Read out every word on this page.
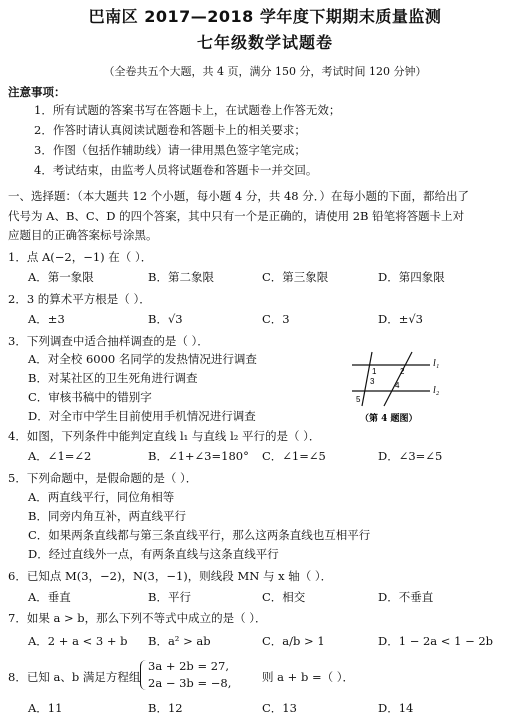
巴南区 2017—2018 学年度下期期末质量监测
七年级数学试题卷
（全卷共五个大题，共 4 页，满分 150 分，考试时间 120 分钟）
注意事项：
1．所有试题的答案书写在答题卡上，在试题卷上作答无效；
2．作答时请认真阅读试题卷和答题卡上的相关要求；
3．作图（包括作辅助线）请一律用黑色签字笔完成；
4．考试结束，由监考人员将试题卷和答题卡一并交回。
一、选择题：（本大题共 12 个小题，每小题 4 分，共 48 分．）在每小题的下面，都给出了
代号为 A、B、C、D 的四个答案，其中只有一个是正确的，请使用 2B 铅笔将答题卡上对
应题目的正确答案标号涂黑。
1．点 A(−2，−1) 在（ ）．
A．第一象限	B．第二象限	C．第三象限	D．第四象限
2．3 的算术平方根是（ ）．
A．±3	B．√3	C．3	D．±√3
3．下列调查中适合抽样调查的是（ ）．
A．对全校 6000 名同学的发热情况进行调查
B．对某社区的卫生死角进行调查
C．审核书稿中的错别字
D．对全市中学生目前使用手机情况进行调查
l₁
l₂
1	2
3	4
5
（第 4 题图）
4．如图，下列条件中能判定直线 l₁ 与直线 l₂ 平行的是（ ）．
A．∠1=∠2	B．∠1+∠3=180° C．∠1=∠5	D．∠3=∠5
5．下列命题中，是假命题的是（ ）．
A．两直线平行，同位角相等
B．同旁内角互补，两直线平行
C．如果两条直线都与第三条直线平行，那么这两条直线也互相平行
D．经过直线外一点，有两条直线与这条直线平行
6．已知点 M(3，−2)，N(3，−1)，则线段 MN 与 x 轴（ ）．
A．垂直	B．平行	C．相交	D．不垂直
7．如果 a > b，那么下列不等式中成立的是（ ）．
A．2 + a < 3 + b B．a² > ab	C．a/b > 1	D．1 − 2a < 1 − 2b
8．已知 a、b 满足方程组
3a + 2b = 27,
2a − 3b = −8,	则 a + b =（ ）．
A．11	B．12	C．13	D．14
